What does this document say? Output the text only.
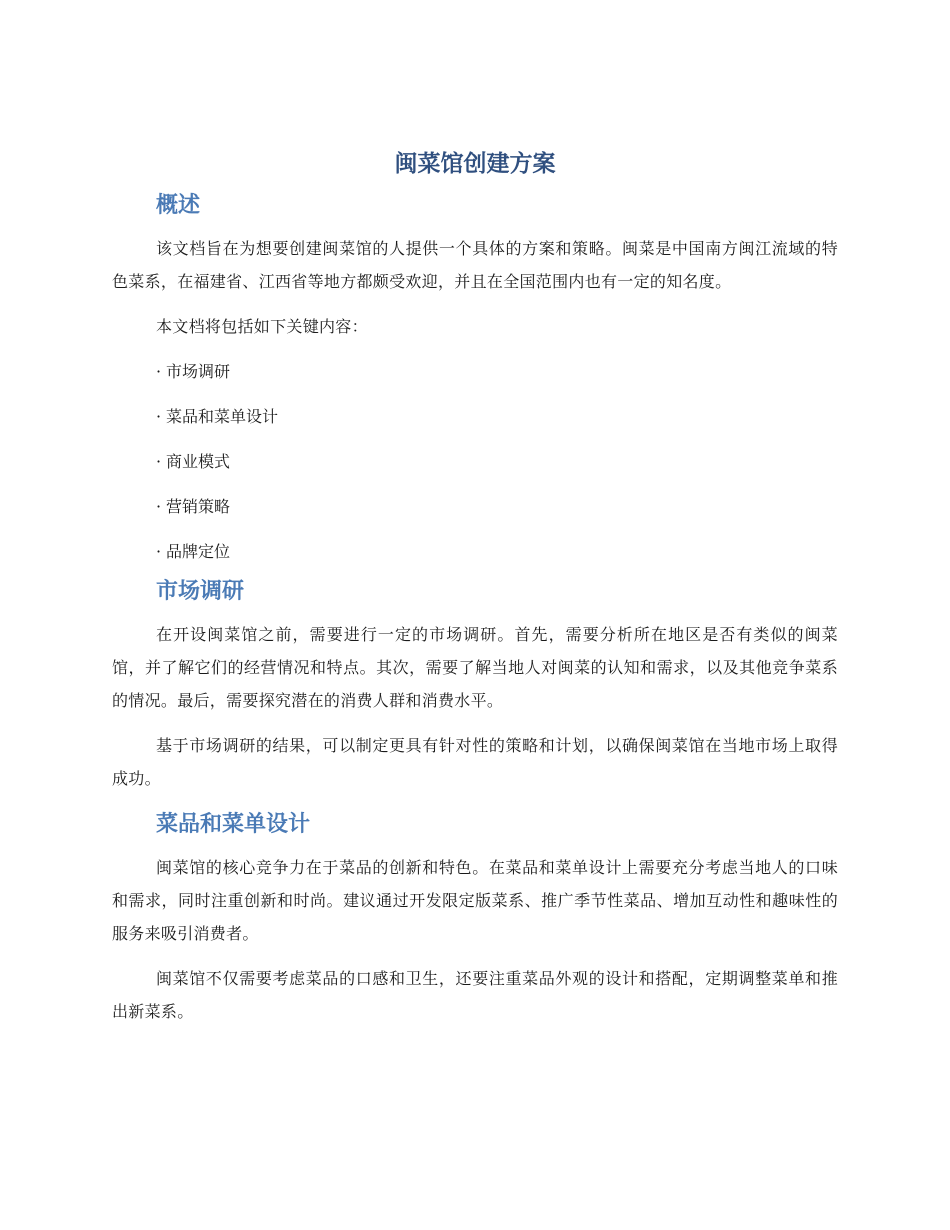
闽菜馆创建方案
概述

该文档旨在为想要创建闽菜馆的人提供一个具体的方案和策略。闽菜是中国南方闽江流域的特色菜系，在福建省、江西省等地方都颇受欢迎，并且在全国范围内也有一定的知名度。

本文档将包括如下关键内容：

· 市场调研
· 菜品和菜单设计
· 商业模式
· 营销策略
· 品牌定位
市场调研

在开设闽菜馆之前，需要进行一定的市场调研。首先，需要分析所在地区是否有类似的闽菜馆，并了解它们的经营情况和特点。其次，需要了解当地人对闽菜的认知和需求，以及其他竞争菜系的情况。最后，需要探究潜在的消费人群和消费水平。

基于市场调研的结果，可以制定更具有针对性的策略和计划，以确保闽菜馆在当地市场上取得成功。

菜品和菜单设计

闽菜馆的核心竞争力在于菜品的创新和特色。在菜品和菜单设计上需要充分考虑当地人的口味和需求，同时注重创新和时尚。建议通过开发限定版菜系、推广季节性菜品、增加互动性和趣味性的服务来吸引消费者。

闽菜馆不仅需要考虑菜品的口感和卫生，还要注重菜品外观的设计和搭配，定期调整菜单和推出新菜系。
